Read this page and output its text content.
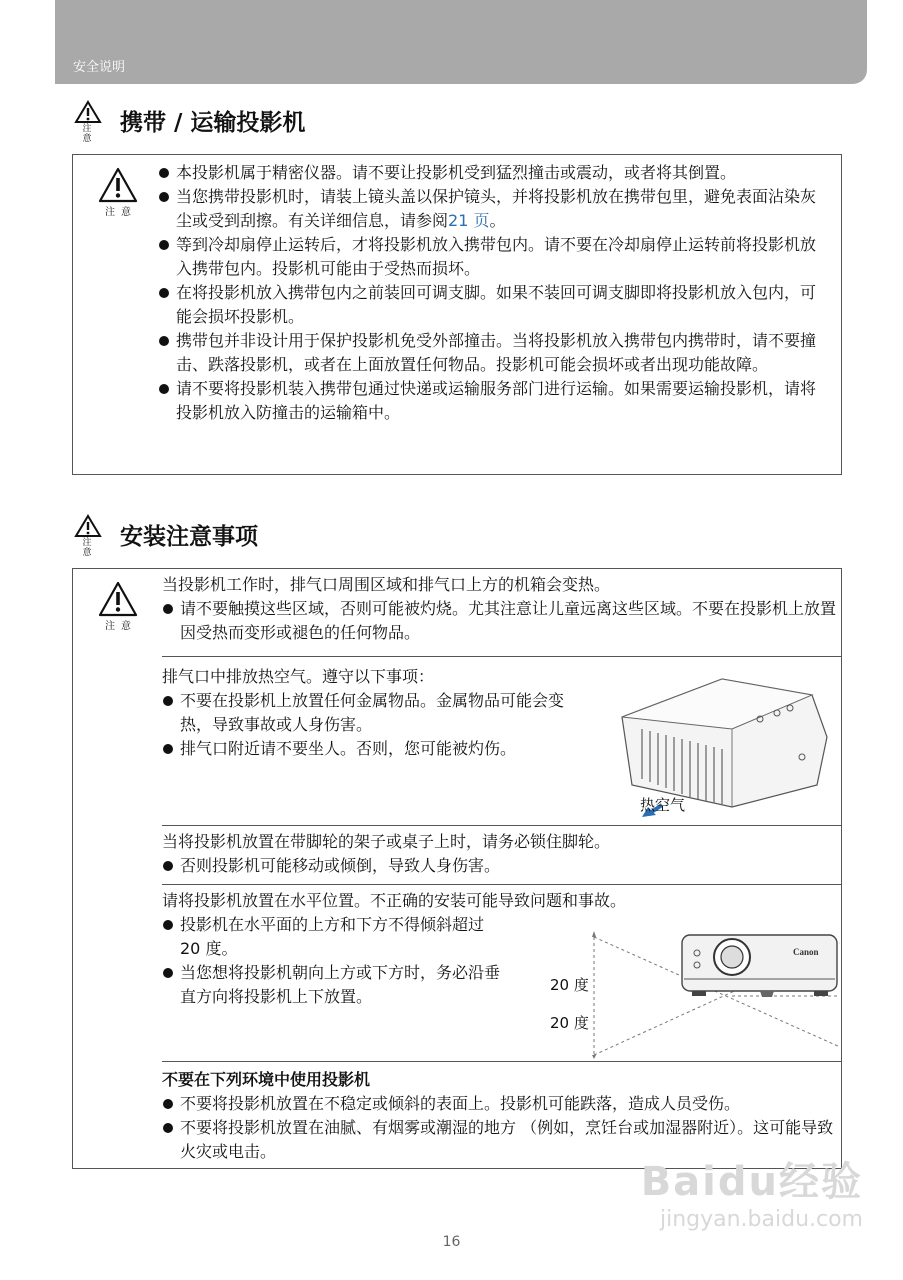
安全说明
注意
携带 / 运输投影机
注意
本投影机属于精密仪器。请不要让投影机受到猛烈撞击或震动，或者将其倒置。
当您携带投影机时，请装上镜头盖以保护镜头，并将投影机放在携带包里，避免表面沾染灰尘或受到刮擦。有关详细信息，请参阅21 页。
等到冷却扇停止运转后，才将投影机放入携带包内。请不要在冷却扇停止运转前将投影机放入携带包内。投影机可能由于受热而损坏。
在将投影机放入携带包内之前装回可调支脚。如果不装回可调支脚即将投影机放入包内，可能会损坏投影机。
携带包并非设计用于保护投影机免受外部撞击。当将投影机放入携带包内携带时，请不要撞击、跌落投影机，或者在上面放置任何物品。投影机可能会损坏或者出现功能故障。
请不要将投影机装入携带包通过快递或运输服务部门进行运输。如果需要运输投影机，请将投影机放入防撞击的运输箱中。
注意
安装注意事项
注意
当投影机工作时，排气口周围区域和排气口上方的机箱会变热。
请不要触摸这些区域，否则可能被灼烧。尤其注意让儿童远离这些区域。不要在投影机上放置因受热而变形或褪色的任何物品。
排气口中排放热空气。遵守以下事项：
不要在投影机上放置任何金属物品。金属物品可能会变热，导致事故或人身伤害。
排气口附近请不要坐人。否则，您可能被灼伤。
热空气
当将投影机放置在带脚轮的架子或桌子上时，请务必锁住脚轮。
否则投影机可能移动或倾倒，导致人身伤害。
请将投影机放置在水平位置。不正确的安装可能导致问题和事故。
投影机在水平面的上方和下方不得倾斜超过 20 度。
当您想将投影机朝向上方或下方时，务必沿垂直方向将投影机上下放置。
Canon
20 度
20 度
不要在下列环境中使用投影机
不要将投影机放置在不稳定或倾斜的表面上。投影机可能跌落，造成人员受伤。
不要将投影机放置在油腻、有烟雾或潮湿的地方 （例如，烹饪台或加湿器附近）。这可能导致火灾或电击。
Baidu经验
jingyan.baidu.com
16
